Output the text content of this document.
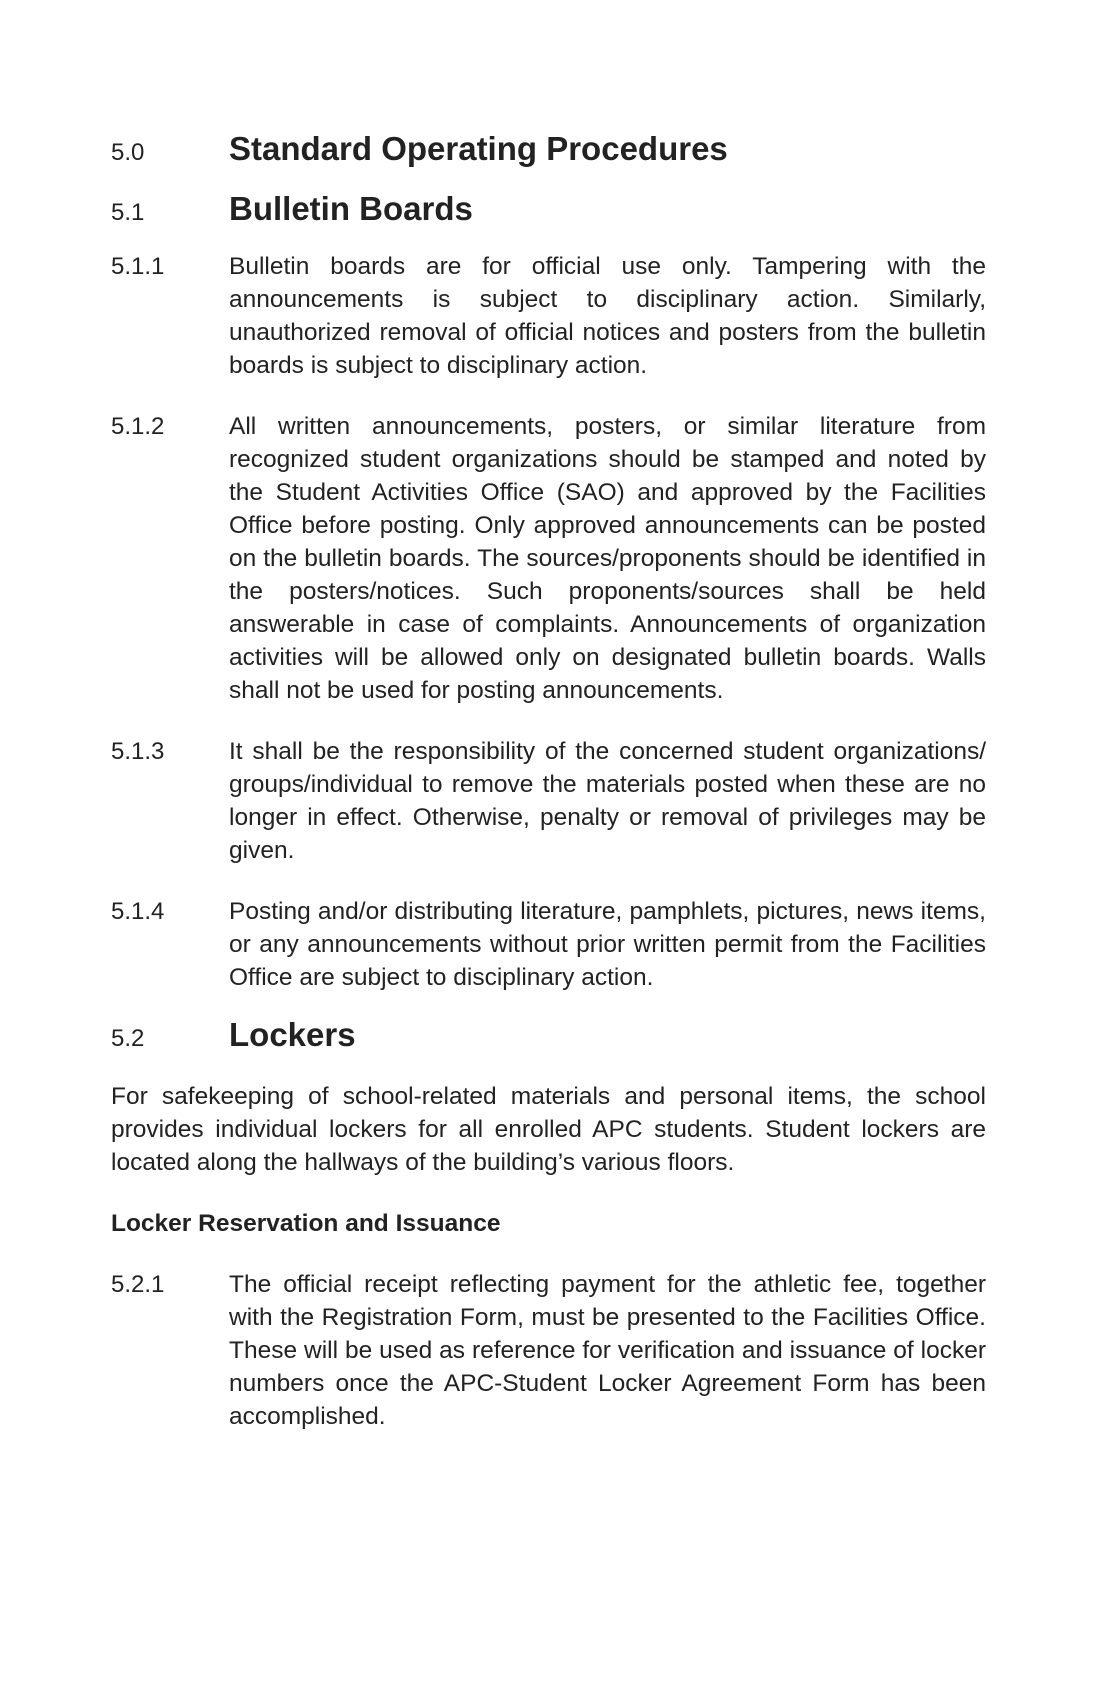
5.0	Standard Operating Procedures
5.1	Bulletin Boards
5.1.1	Bulletin boards are for official use only. Tampering with the announcements is subject to disciplinary action. Similarly, unauthorized removal of official notices and posters from the bulletin boards is subject to disciplinary action.
5.1.2	All written announcements, posters, or similar literature from recognized student organizations should be stamped and noted by the Student Activities Office (SAO) and approved by the Facilities Office before posting. Only approved announcements can be posted on the bulletin boards. The sources/proponents should be identified in the posters/notices. Such proponents/sources shall be held answerable in case of complaints. Announcements of organization activities will be allowed only on designated bulletin boards. Walls shall not be used for posting announcements.
5.1.3	It shall be the responsibility of the concerned student organizations/ groups/individual to remove the materials posted when these are no longer in effect. Otherwise, penalty or removal of privileges may be given.
5.1.4	Posting and/or distributing literature, pamphlets, pictures, news items, or any announcements without prior written permit from the Facilities Office are subject to disciplinary action.
5.2	Lockers

For safekeeping of school-related materials and personal items, the school provides individual lockers for all enrolled APC students. Student lockers are located along the hallways of the building’s various floors.

Locker Reservation and Issuance

5.2.1	The official receipt reflecting payment for the athletic fee, together with the Registration Form, must be presented to the Facilities Office. These will be used as reference for verification and issuance of locker numbers once the APC-Student Locker Agreement Form has been accomplished.
